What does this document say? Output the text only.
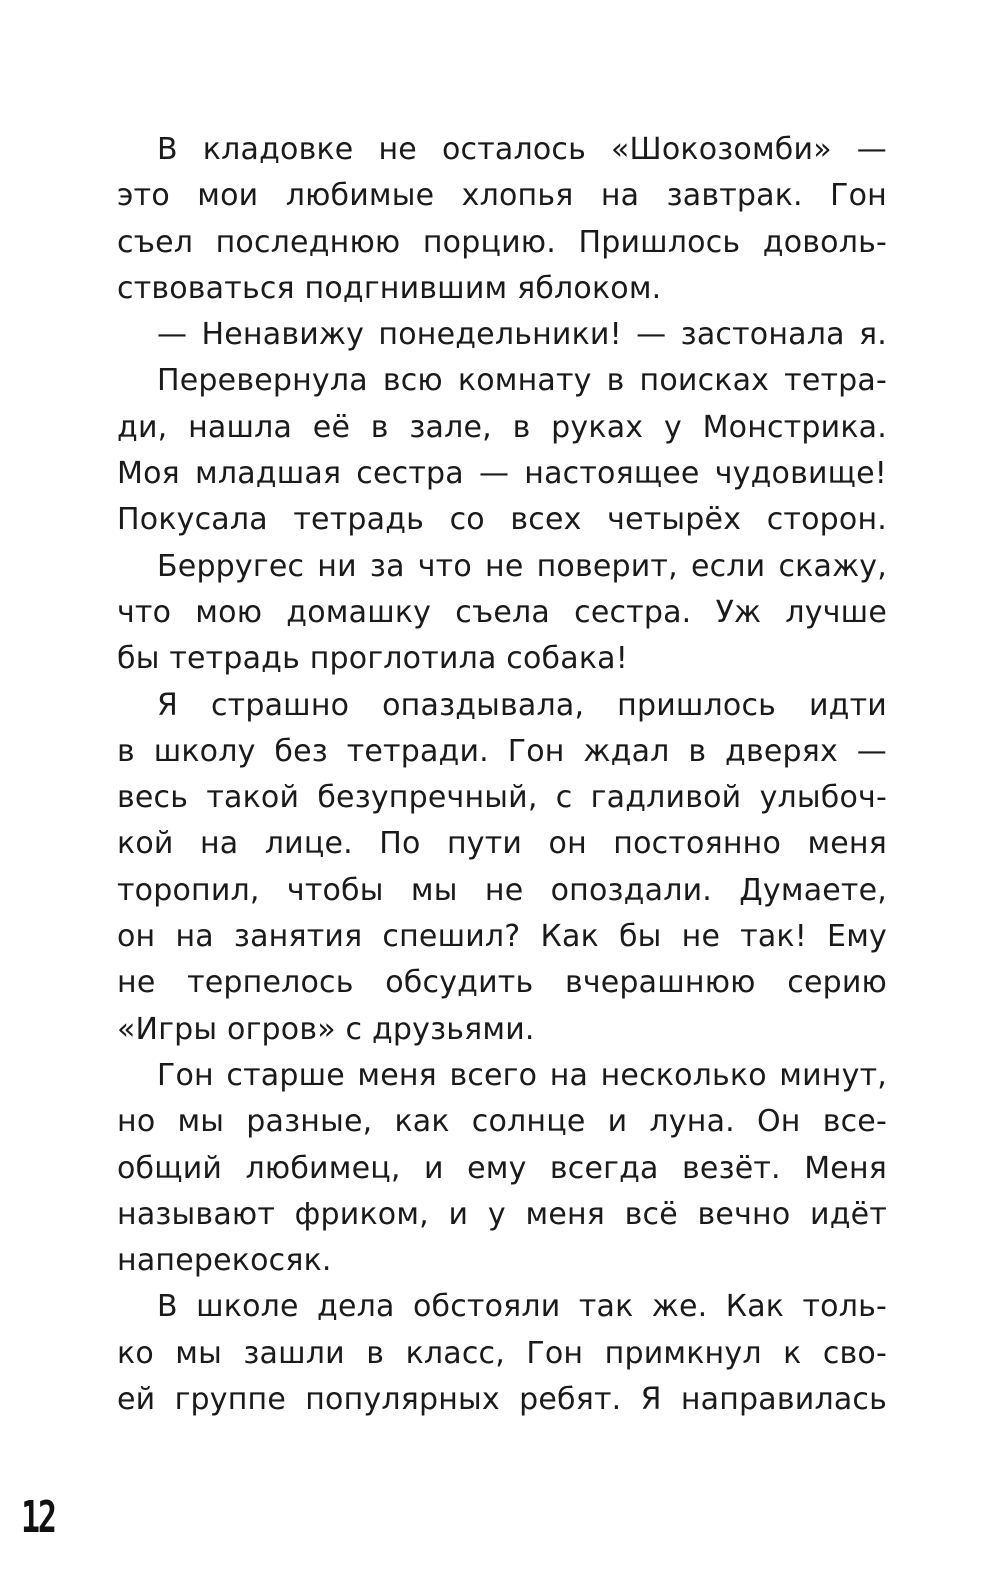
В кладовке не осталось «Шокозомби» —
это мои любимые хлопья на завтрак. Гон
съел последнюю порцию. Пришлось доволь-
ствоваться подгнившим яблоком.
— Ненавижу понедельники! — застонала я.
Перевернула всю комнату в поисках тетра-
ди, нашла её в зале, в руках у Монстрика.
Моя младшая сестра — настоящее чудовище!
Покусала тетрадь со всех четырёх сторон.
Берругес ни за что не поверит, если скажу,
что мою домашку съела сестра. Уж лучше
бы тетрадь проглотила собака!
Я страшно опаздывала, пришлось идти
в школу без тетради. Гон ждал в дверях —
весь такой безупречный, с гадливой улыбоч-
кой на лице. По пути он постоянно меня
торопил, чтобы мы не опоздали. Думаете,
он на занятия спешил? Как бы не так! Ему
не терпелось обсудить вчерашнюю серию
«Игры огров» с друзьями.
Гон старше меня всего на несколько минут,
но мы разные, как солнце и луна. Он все-
общий любимец, и ему всегда везёт. Меня
называют фриком, и у меня всё вечно идёт
наперекосяк.
В школе дела обстояли так же. Как толь-
ко мы зашли в класс, Гон примкнул к сво-
ей группе популярных ребят. Я направилась
12
